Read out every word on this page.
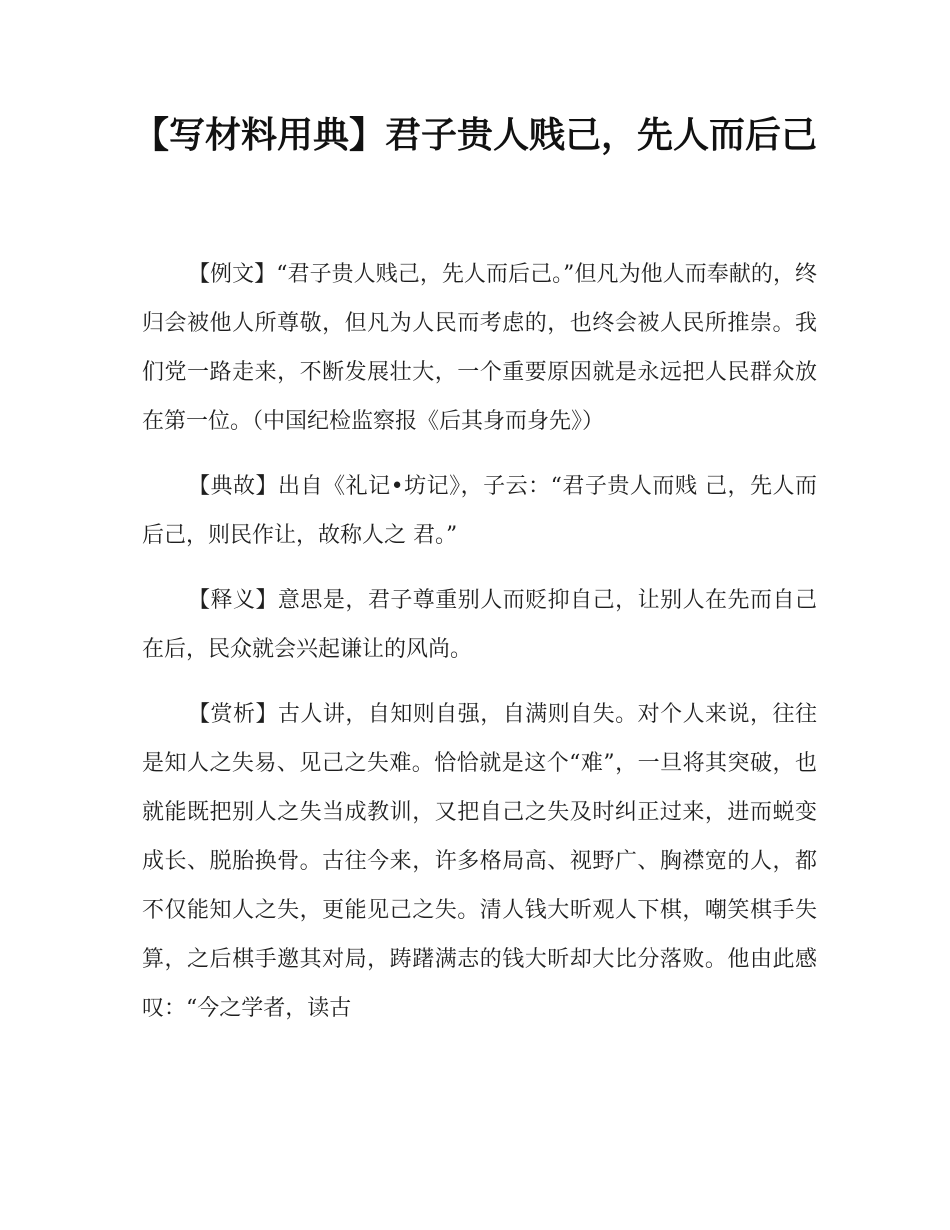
【写材料用典】君子贵人贱己，先人而后己

【例文】“君子贵人贱己，先人而后己。”但凡为他人而奉献的，终归会被他人所尊敬，但凡为人民而考虑的，也终会被人民所推崇。我们党一路走来，不断发展壮大，一个重要原因就是永远把人民群众放在第一位。（中国纪检监察报《后其身而身先》）

【典故】出自《礼记•坊记》，子云：“君子贵人而贱 己，先人而后己，则民作让，故称人之 君。”

【释义】意思是，君子尊重别人而贬抑自己，让别人在先而自己在后，民众就会兴起谦让的风尚。

【赏析】古人讲，自知则自强，自满则自失。对个人来说，往往是知人之失易、见己之失难。恰恰就是这个“难”，一旦将其突破，也就能既把别人之失当成教训，又把自己之失及时纠正过来，进而蜕变成长、脱胎换骨。古往今来，许多格局高、视野广、胸襟宽的人，都不仅能知人之失，更能见己之失。清人钱大昕观人下棋，嘲笑棋手失算，之后棋手邀其对局，踌躇满志的钱大昕却大比分落败。他由此感叹：“今之学者，读古
